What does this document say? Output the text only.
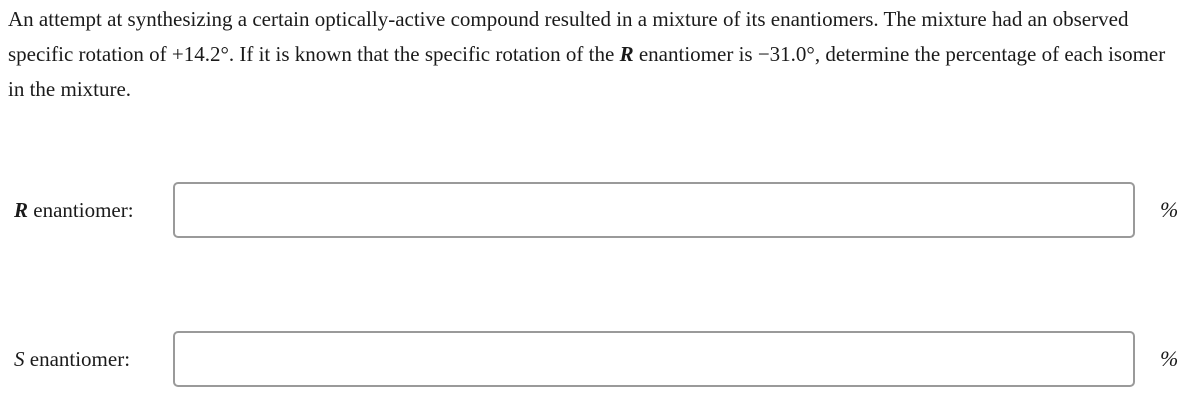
An attempt at synthesizing a certain optically-active compound resulted in a mixture of its enantiomers. The mixture had an observed specific rotation of +14.2°. If it is known that the specific rotation of the R enantiomer is −31.0°, determine the percentage of each isomer in the mixture.
R enantiomer:	%
S enantiomer:	%
